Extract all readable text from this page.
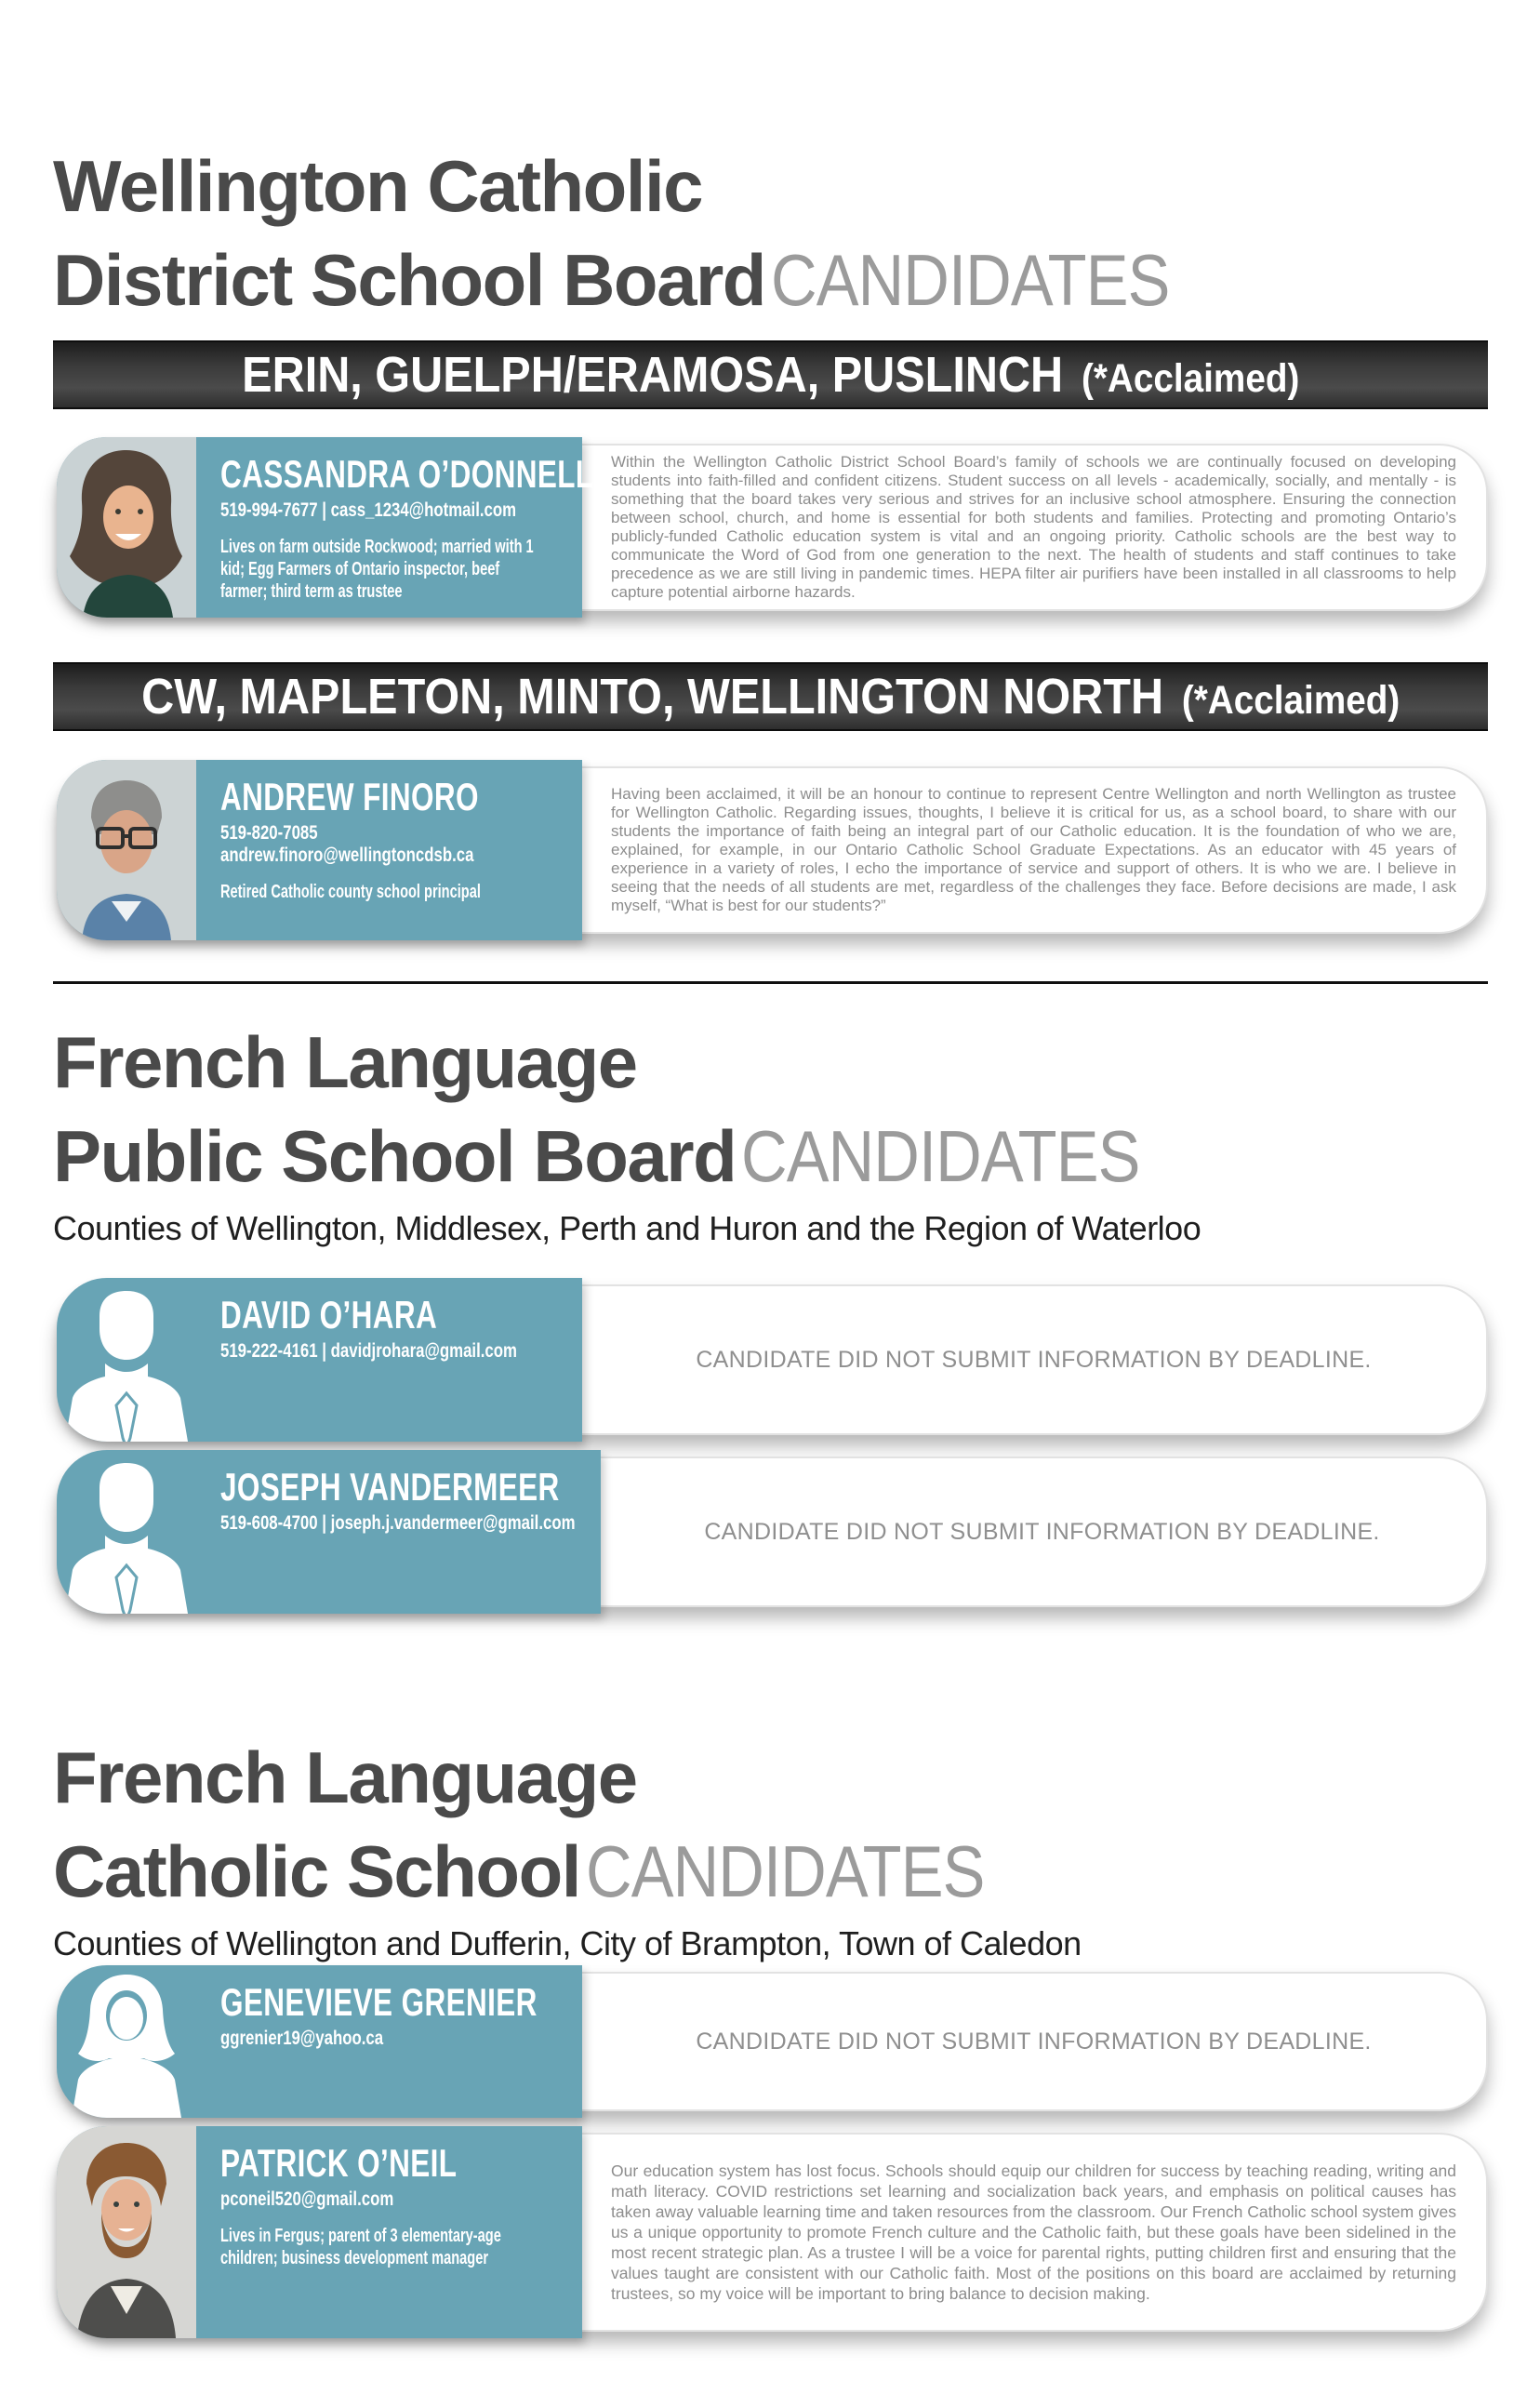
Wellington Catholic
District School BoardCANDIDATES
ERIN, GUELPH/ERAMOSA, PUSLINCH (*Acclaimed)
CASSANDRA O’DONNELL
519-994-7677 | cass_1234@hotmail.com
Lives on farm outside Rockwood; married with 1 kid; Egg Farmers of Ontario inspector, beef farmer; third term as trustee
Within the Wellington Catholic District School Board’s family of schools we are continually focused on developing students into faith-filled and confident citizens. Student success on all levels - academically, socially, and mentally - is something that the board takes very serious and strives for an inclusive school atmosphere. Ensuring the connection between school, church, and home is essential for both students and families. Protecting and promoting Ontario’s publicly-funded Catholic education system is vital and an ongoing priority. Catholic schools are the best way to communicate the Word of God from one generation to the next. The health of students and staff continues to take precedence as we are still living in pandemic times. HEPA filter air purifiers have been installed in all classrooms to help capture potential airborne hazards.
CW, MAPLETON, MINTO, WELLINGTON NORTH (*Acclaimed)
ANDREW FINORO
519-820-7085
andrew.finoro@wellingtoncdsb.ca
Retired Catholic county school principal
Having been acclaimed, it will be an honour to continue to represent Centre Wellington and north Wellington as trustee for Wellington Catholic. Regarding issues, thoughts, I believe it is critical for us, as a school board, to share with our students the importance of faith being an integral part of our Catholic education. It is the foundation of who we are, explained, for example, in our Ontario Catholic School Graduate Expectations. As an educator with 45 years of experience in a variety of roles, I echo the importance of service and support of others. It is who we are. I believe in seeing that the needs of all students are met, regardless of the challenges they face. Before decisions are made, I ask myself, “What is best for our students?”
French Language
Public School BoardCANDIDATES
Counties of Wellington, Middlesex, Perth and Huron and the Region of Waterloo
DAVID O’HARA
519-222-4161 | davidjrohara@gmail.com	CANDIDATE DID NOT SUBMIT INFORMATION BY DEADLINE.
JOSEPH VANDERMEER
519-608-4700 | joseph.j.vandermeer@gmail.com	CANDIDATE DID NOT SUBMIT INFORMATION BY DEADLINE.
French Language
Catholic SchoolCANDIDATES
Counties of Wellington and Dufferin, City of Brampton, Town of Caledon
GENEVIEVE GRENIER
ggrenier19@yahoo.ca	CANDIDATE DID NOT SUBMIT INFORMATION BY DEADLINE.
PATRICK O’NEIL
pconeil520@gmail.com
Lives in Fergus; parent of 3 elementary-age children; business development manager
Our education system has lost focus. Schools should equip our children for success by teaching reading, writing and math literacy. COVID restrictions set learning and socialization back years, and emphasis on political causes has taken away valuable learning time and taken resources from the classroom. Our French Catholic school system gives us a unique opportunity to promote French culture and the Catholic faith, but these goals have been sidelined in the most recent strategic plan. As a trustee I will be a voice for parental rights, putting children first and ensuring that the values taught are consistent with our Catholic faith. Most of the positions on this board are acclaimed by returning trustees, so my voice will be important to bring balance to decision making.
